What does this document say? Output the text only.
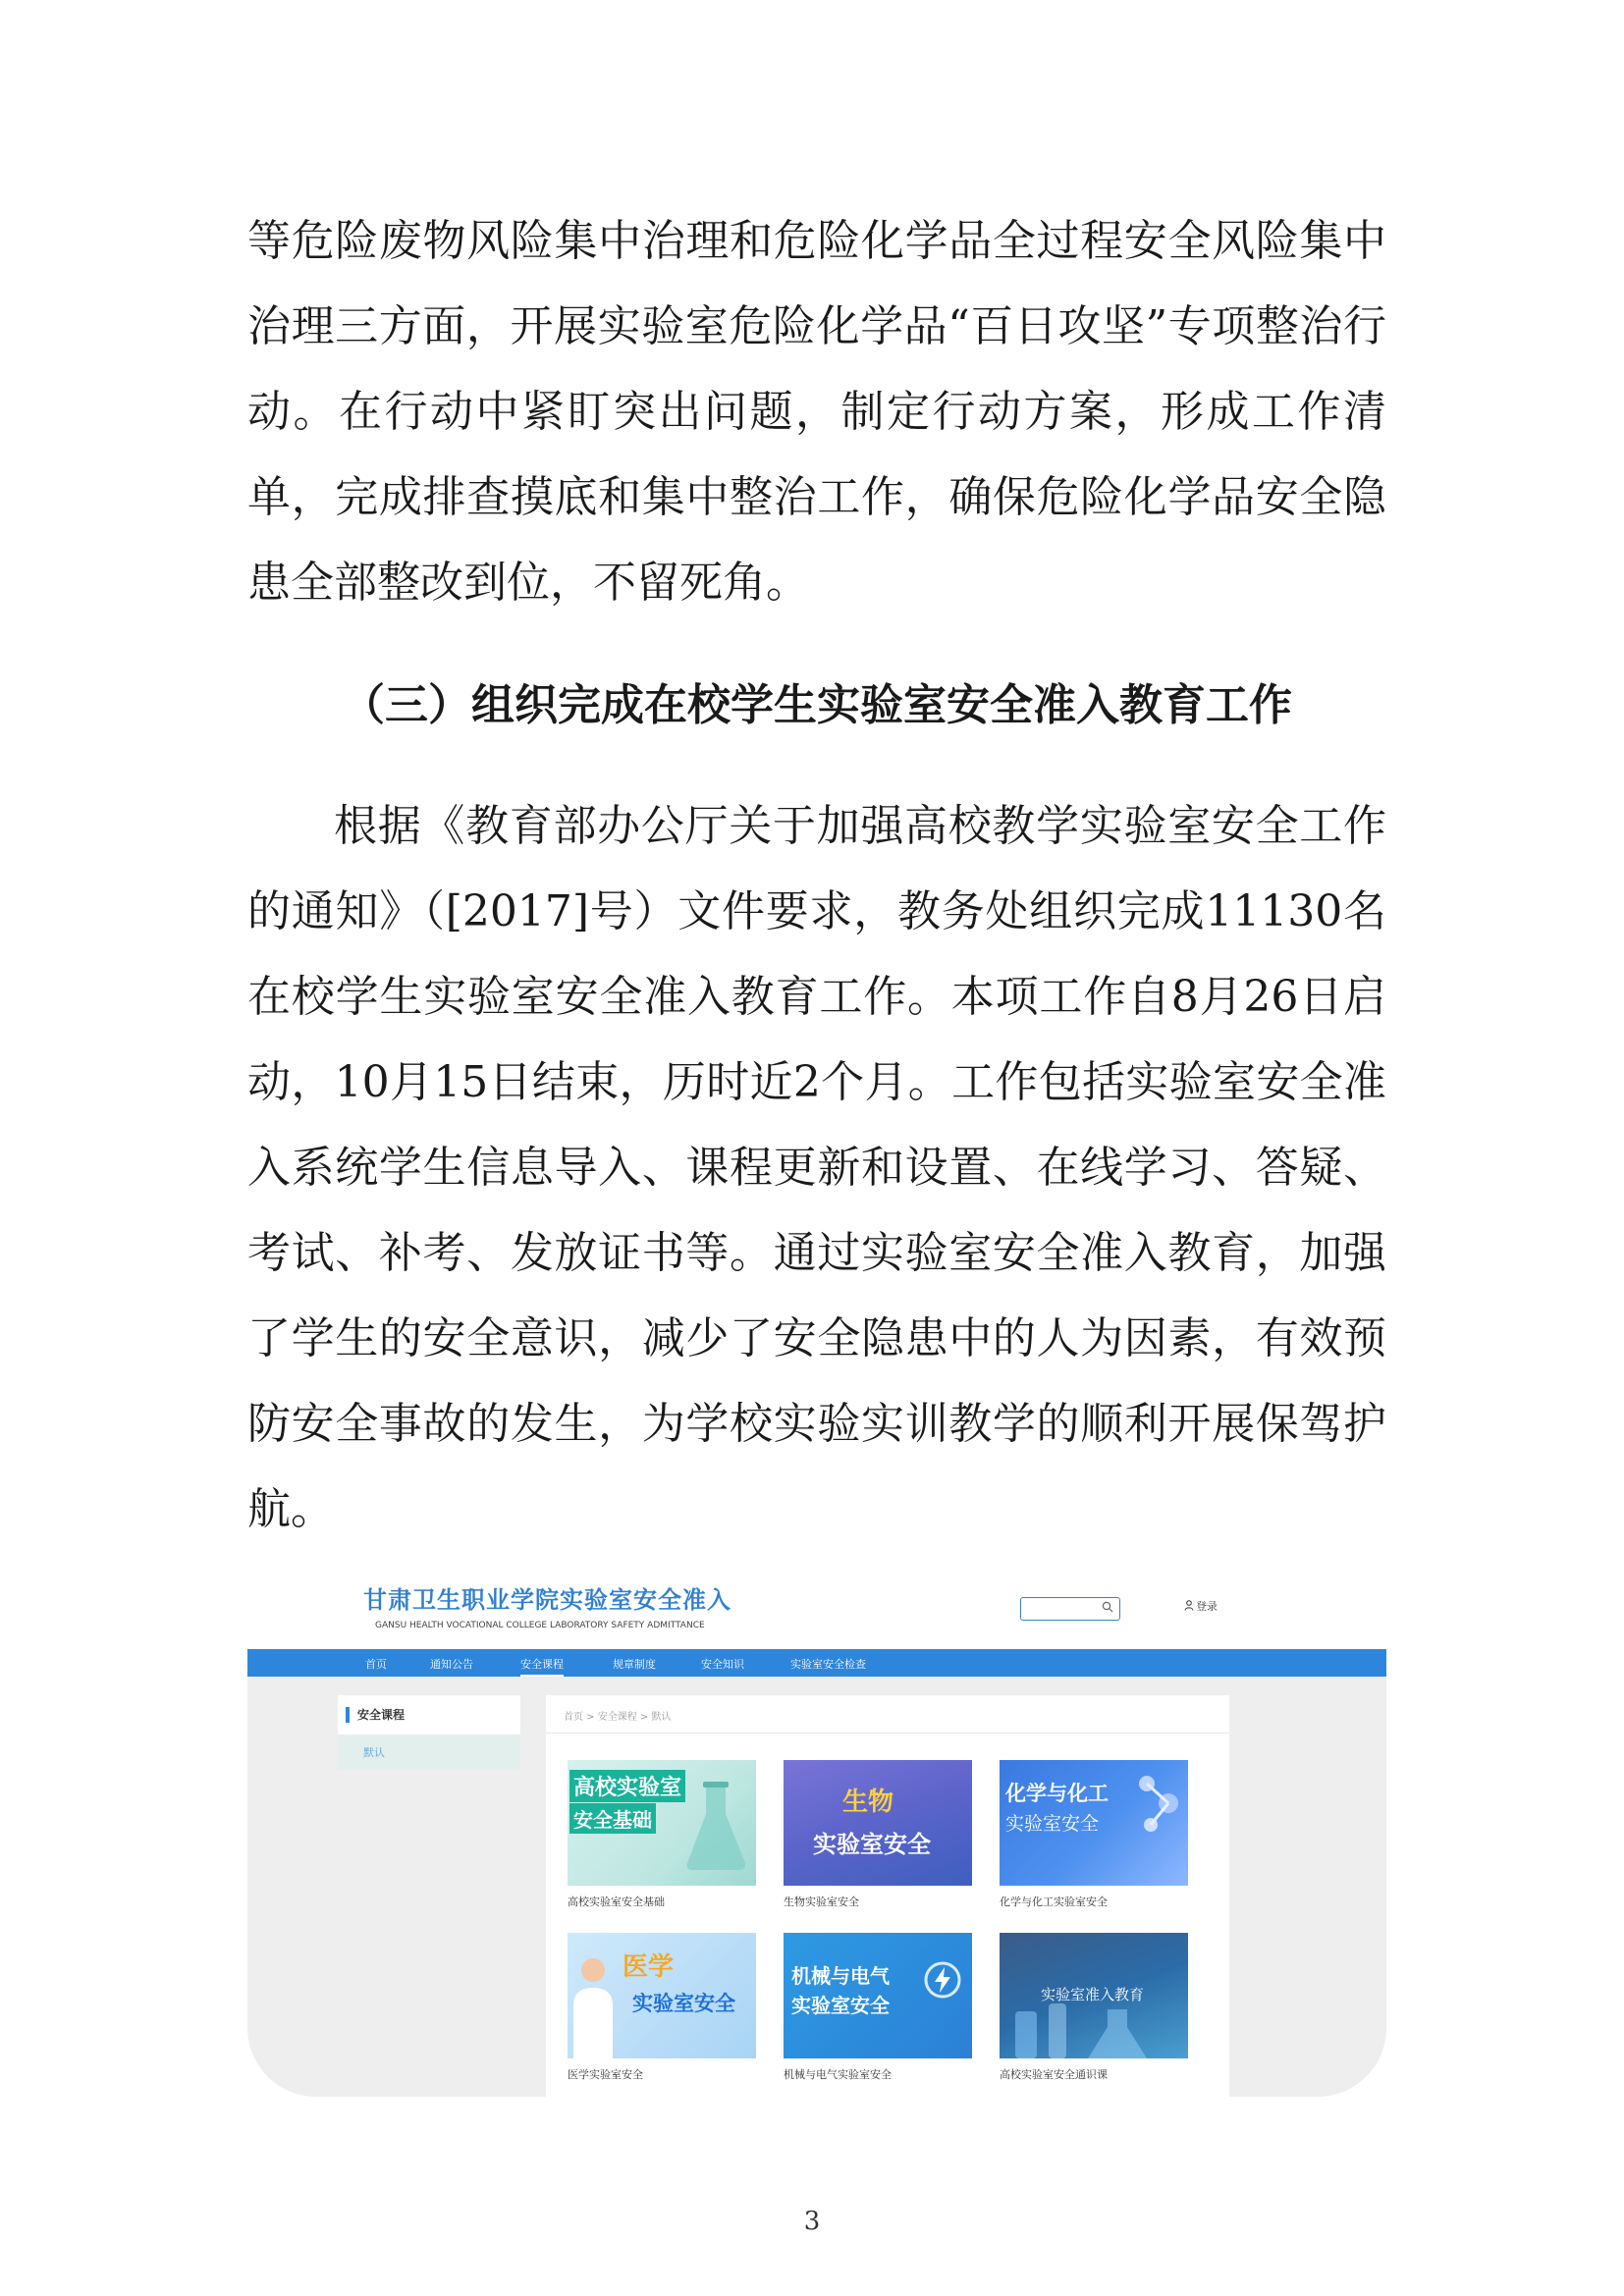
等危险废物风险集中治理和危险化学品全过程安全风险集中治理三方面，开展实验室危险化学品“百日攻坚”专项整治行动。在行动中紧盯突出问题，制定行动方案，形成工作清单，完成排查摸底和集中整治工作，确保危险化学品安全隐患全部整改到位，不留死角。

（三）组织完成在校学生实验室安全准入教育工作

根据《教育部办公厅关于加强高校教学实验室安全工作的通知》（[2017]号）文件要求，教务处组织完成11130名在校学生实验室安全准入教育工作。本项工作自8月26日启动，10月15日结束，历时近2个月。工作包括实验室安全准入系统学生信息导入、课程更新和设置、在线学习、答疑、考试、补考、发放证书等。通过实验室安全准入教育，加强了学生的安全意识，减少了安全隐患中的人为因素，有效预防安全事故的发生，为学校实验实训教学的顺利开展保驾护航。

甘肃卫生职业学院实验室安全准入
GANSU HEALTH VOCATIONAL COLLEGE LABORATORY SAFETY ADMITTANCE
登录
首页	通知公告	安全课程	规章制度	安全知识	实验室安全检查
安全课程
默认
首页 > 安全课程 > 默认
高校实验室
安全基础
高校实验室安全基础
生物
实验室安全
生物实验室安全
化学与化工
实验室安全
化学与化工实验室安全
医学
实验室安全
医学实验室安全
机械与电气
实验室安全
机械与电气实验室安全
实验室准入教育
高校实验室安全通识课
3
